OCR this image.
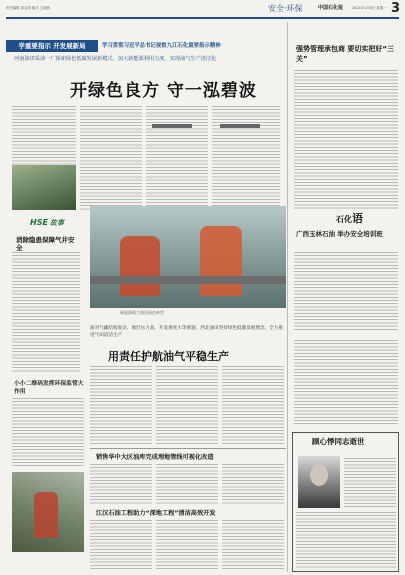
责任编辑 刘志明 版式 王晓燕	安全·环保	中国石化报	2024年1月8日 星期一 3
学重要指示 开发展新局	学习贯彻习近平总书记视察九江石化重要指示精神
河南油田采油一厂探索绿色低碳发展新模式，加大新能源利用力度，实现油气生产清洁化
开绿色良方 守一泓碧波
强势管理承包商 要切实把好“三关”
石化语
广西玉林石油 举办安全培训班
HSE 故事
消除隐患保障气井安全
新能源助力油田绿色转型
面对气藏结构复杂、地层压力高、开发难度大等难题，西北油田坚持绿色低碳发展理念，全力推进气田清洁生产
用责任护航油气平稳生产
小小二维码发挥环保监管大作用
销售华中大区油库完成埋地管线可视化改造
江汉石油工程助力“深地工程”清洁高效开发
顾心悸同志逝世
